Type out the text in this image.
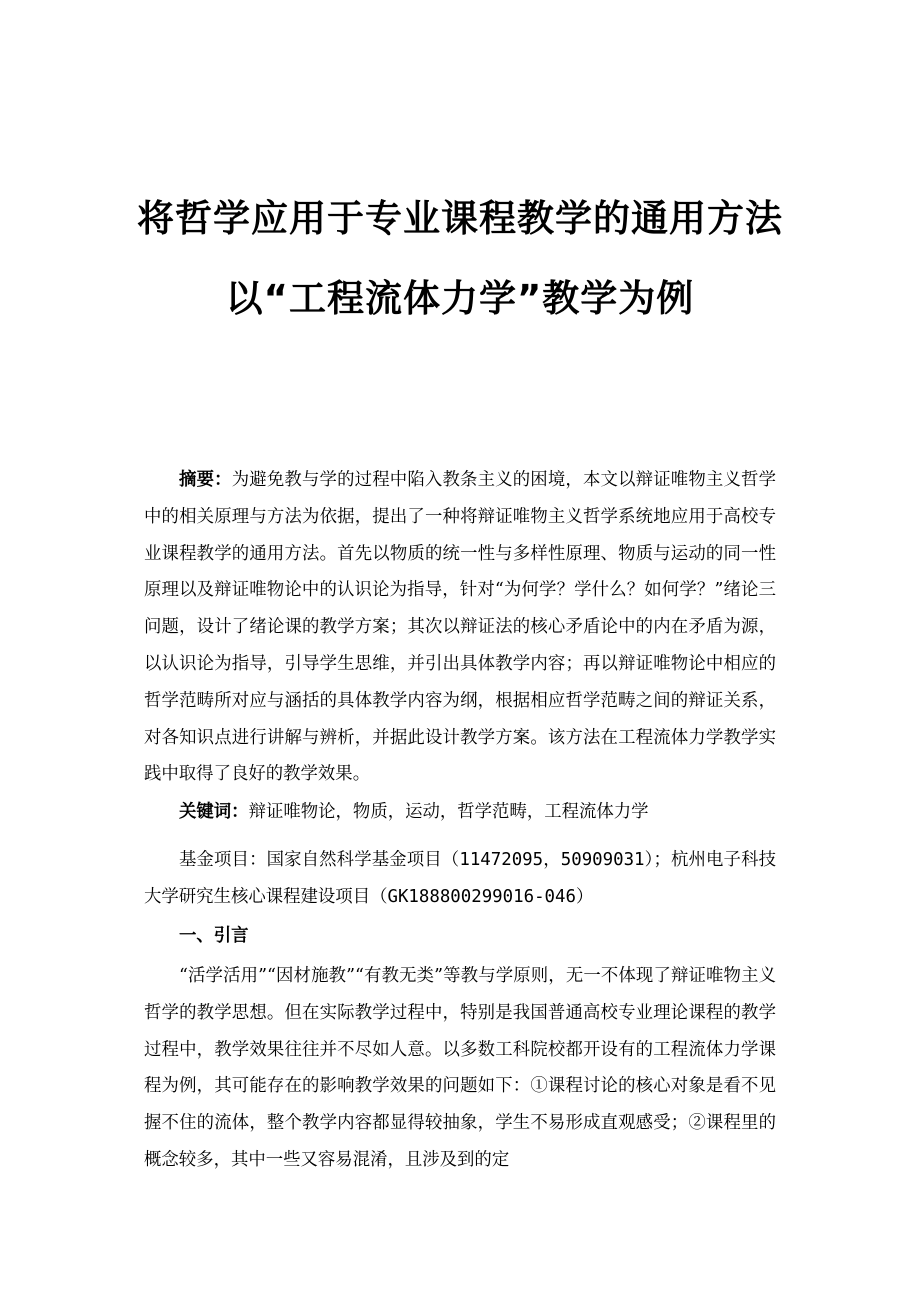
将哲学应用于专业课程教学的通用方法
以“工程流体力学”教学为例
摘要：为避免教与学的过程中陷入教条主义的困境，本文以辩证唯物主义哲学中的相关原理与方法为依据，提出了一种将辩证唯物主义哲学系统地应用于高校专业课程教学的通用方法。首先以物质的统一性与多样性原理、物质与运动的同一性原理以及辩证唯物论中的认识论为指导，针对“为何学？学什么？如何学？”绪论三问题，设计了绪论课的教学方案；其次以辩证法的核心矛盾论中的内在矛盾为源，以认识论为指导，引导学生思维，并引出具体教学内容；再以辩证唯物论中相应的哲学范畴所对应与涵括的具体教学内容为纲，根据相应哲学范畴之间的辩证关系，对各知识点进行讲解与辨析，并据此设计教学方案。该方法在工程流体力学教学实践中取得了良好的教学效果。
关键词：辩证唯物论，物质，运动，哲学范畴，工程流体力学
基金项目：国家自然科学基金项目（11472095，50909031）；杭州电子科技大学研究生核心课程建设项目（GK188800299016-046）
一、引言
“活学活用”“因材施教”“有教无类”等教与学原则，无一不体现了辩证唯物主义哲学的教学思想。但在实际教学过程中，特别是我国普通高校专业理论课程的教学过程中，教学效果往往并不尽如人意。以多数工科院校都开设有的工程流体力学课程为例，其可能存在的影响教学效果的问题如下：①课程讨论的核心对象是看不见握不住的流体，整个教学内容都显得较抽象，学生不易形成直观感受；②课程里的概念较多，其中一些又容易混淆，且涉及到的定
